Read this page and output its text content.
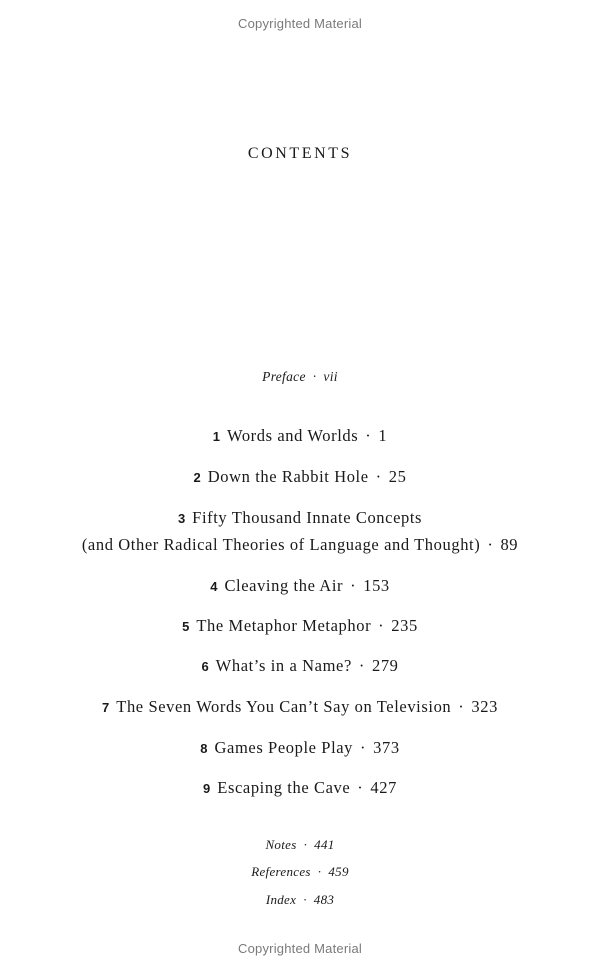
Copyrighted Material
CONTENTS
Preface · vii
1 Words and Worlds · 1
2 Down the Rabbit Hole · 25
3 Fifty Thousand Innate Concepts
(and Other Radical Theories of Language and Thought) · 89
4 Cleaving the Air · 153
5 The Metaphor Metaphor · 235
6 What’s in a Name? · 279
7 The Seven Words You Can’t Say on Television · 323
8 Games People Play · 373
9 Escaping the Cave · 427
Notes · 441
References · 459
Index · 483
Copyrighted Material
